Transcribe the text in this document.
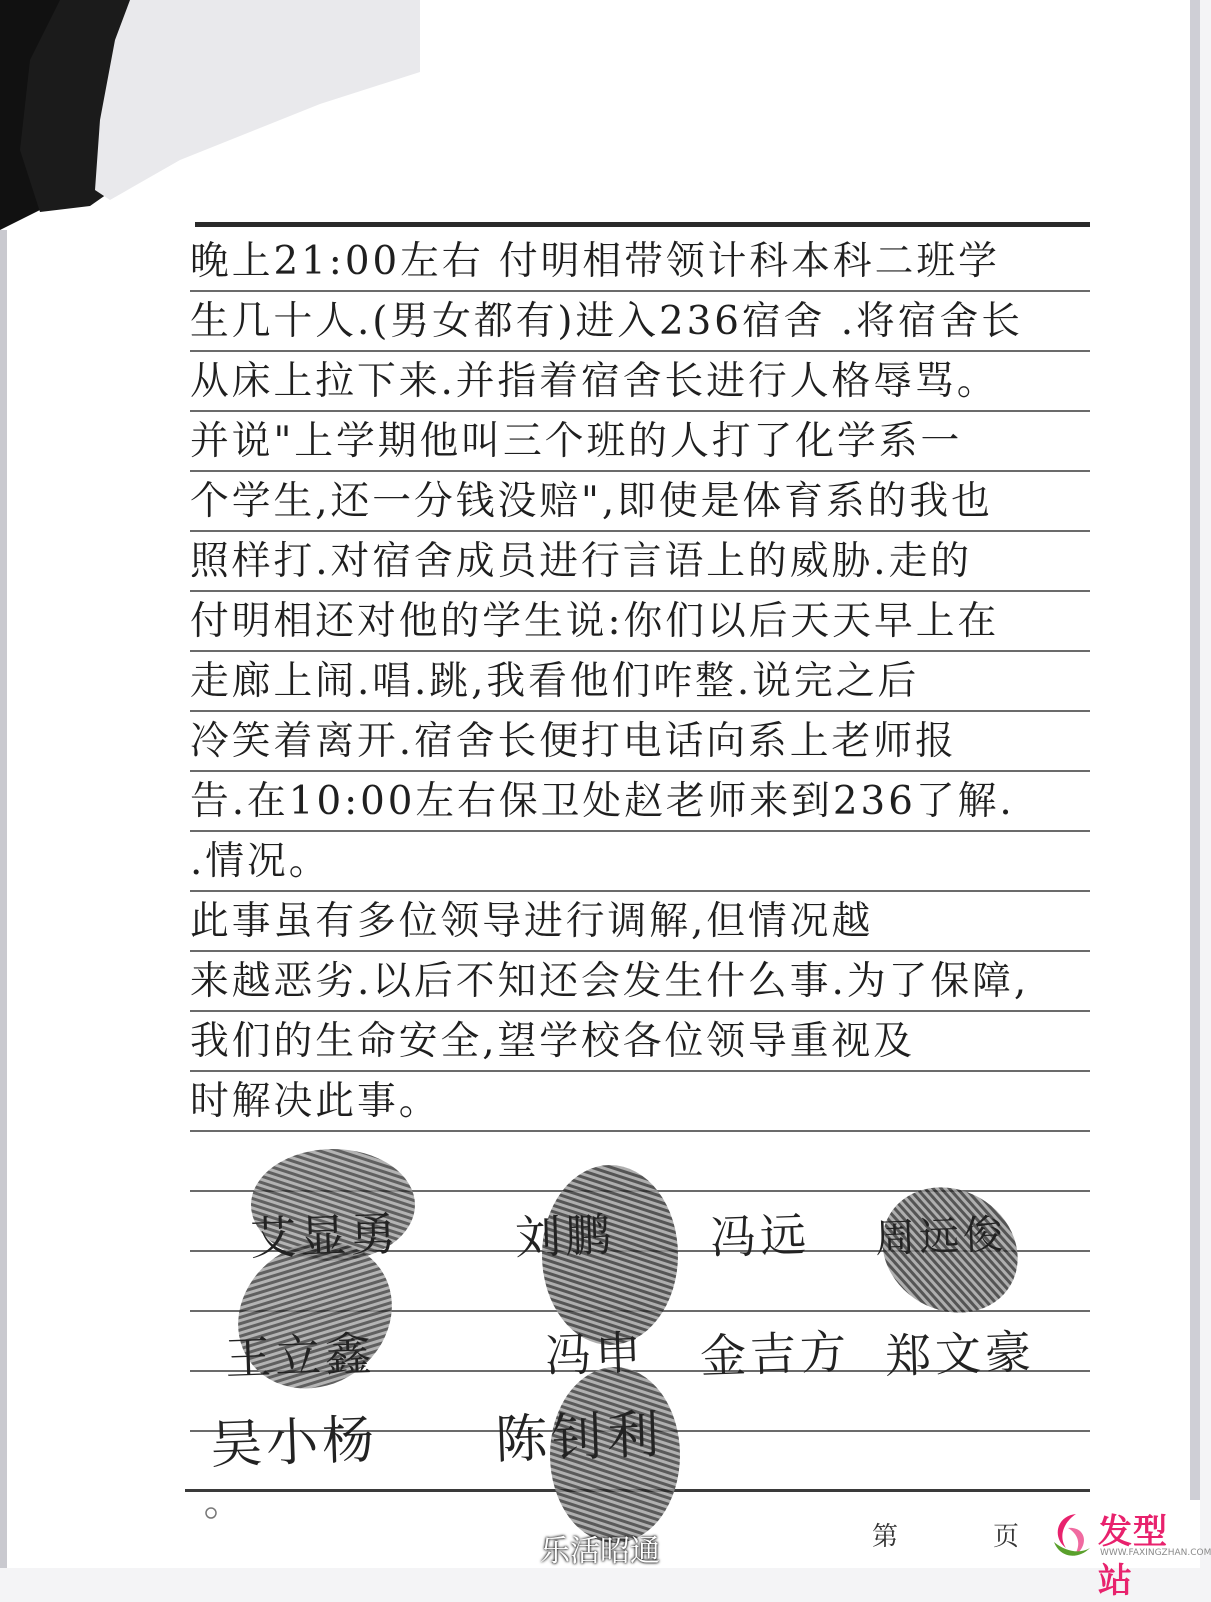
晚上21:00左右 付明相带领计科本科二班学
生几十人.(男女都有)进入236宿舍 .将宿舍长
从床上拉下来.并指着宿舍长进行人格辱骂。
并说"上学期他叫三个班的人打了化学系一
个学生,还一分钱没赔",即使是体育系的我也
照样打.对宿舍成员进行言语上的威胁.走的
付明相还对他的学生说:你们以后天天早上在
走廊上闹.唱.跳,我看他们咋整.说完之后
冷笑着离开.宿舍长便打电话向系上老师报
告.在10:00左右保卫处赵老师来到236了解.
.情况。
此事虽有多位领导进行调解,但情况越
来越恶劣.以后不知还会发生什么事.为了保障,
我们的生命安全,望学校各位领导重视及
时解决此事。
艾显勇 刘鹏 冯远 周远俊
王立鑫	冯申 金吉方 郑文豪
吴小杨 陈钊利
第	页
乐活昭通	发型站
WWW.FAXINGZHAN.COM
